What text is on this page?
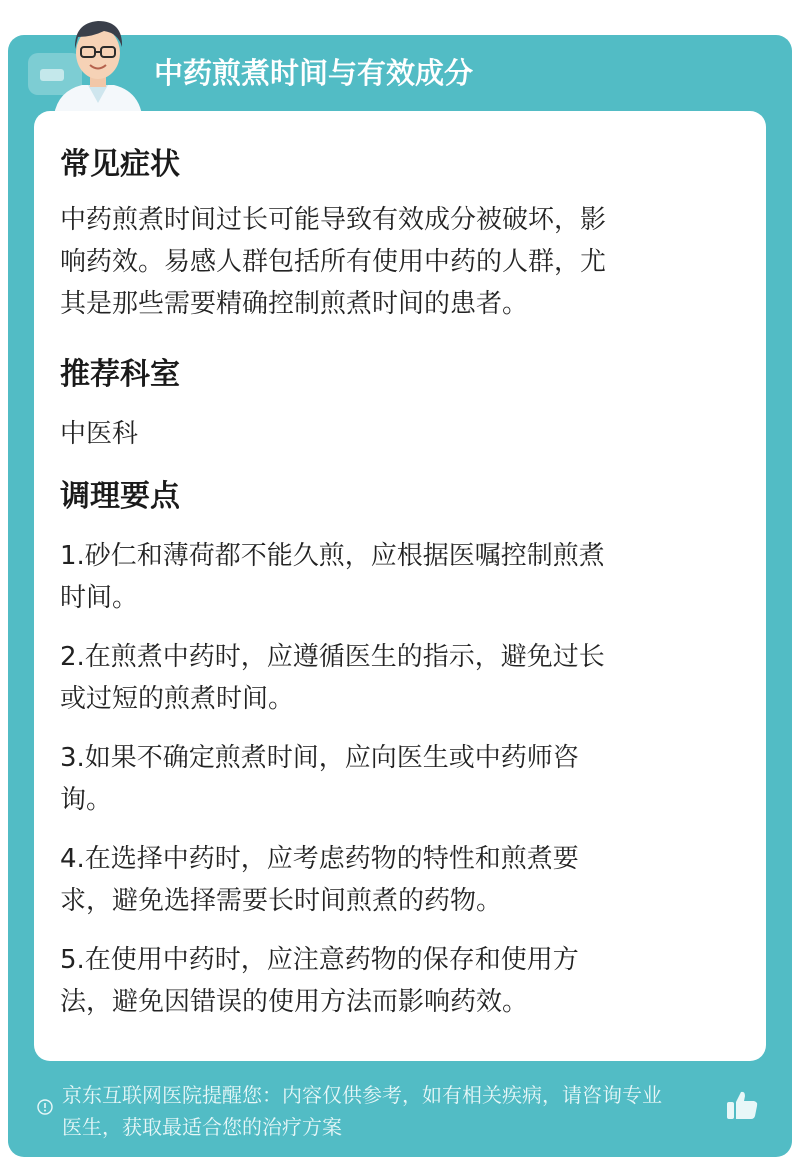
中药煎煮时间与有效成分
常见症状
中药煎煮时间过长可能导致有效成分被破坏，影
响药效。易感人群包括所有使用中药的人群，尤
其是那些需要精确控制煎煮时间的患者。
推荐科室
中医科
调理要点
1.砂仁和薄荷都不能久煎，应根据医嘱控制煎煮
时间。
2.在煎煮中药时，应遵循医生的指示，避免过长
或过短的煎煮时间。
3.如果不确定煎煮时间，应向医生或中药师咨
询。
4.在选择中药时，应考虑药物的特性和煎煮要
求，避免选择需要长时间煎煮的药物。
5.在使用中药时，应注意药物的保存和使用方
法，避免因错误的使用方法而影响药效。
京东互联网医院提醒您：内容仅供参考，如有相关疾病，请咨询专业
医生，获取最适合您的治疗方案
